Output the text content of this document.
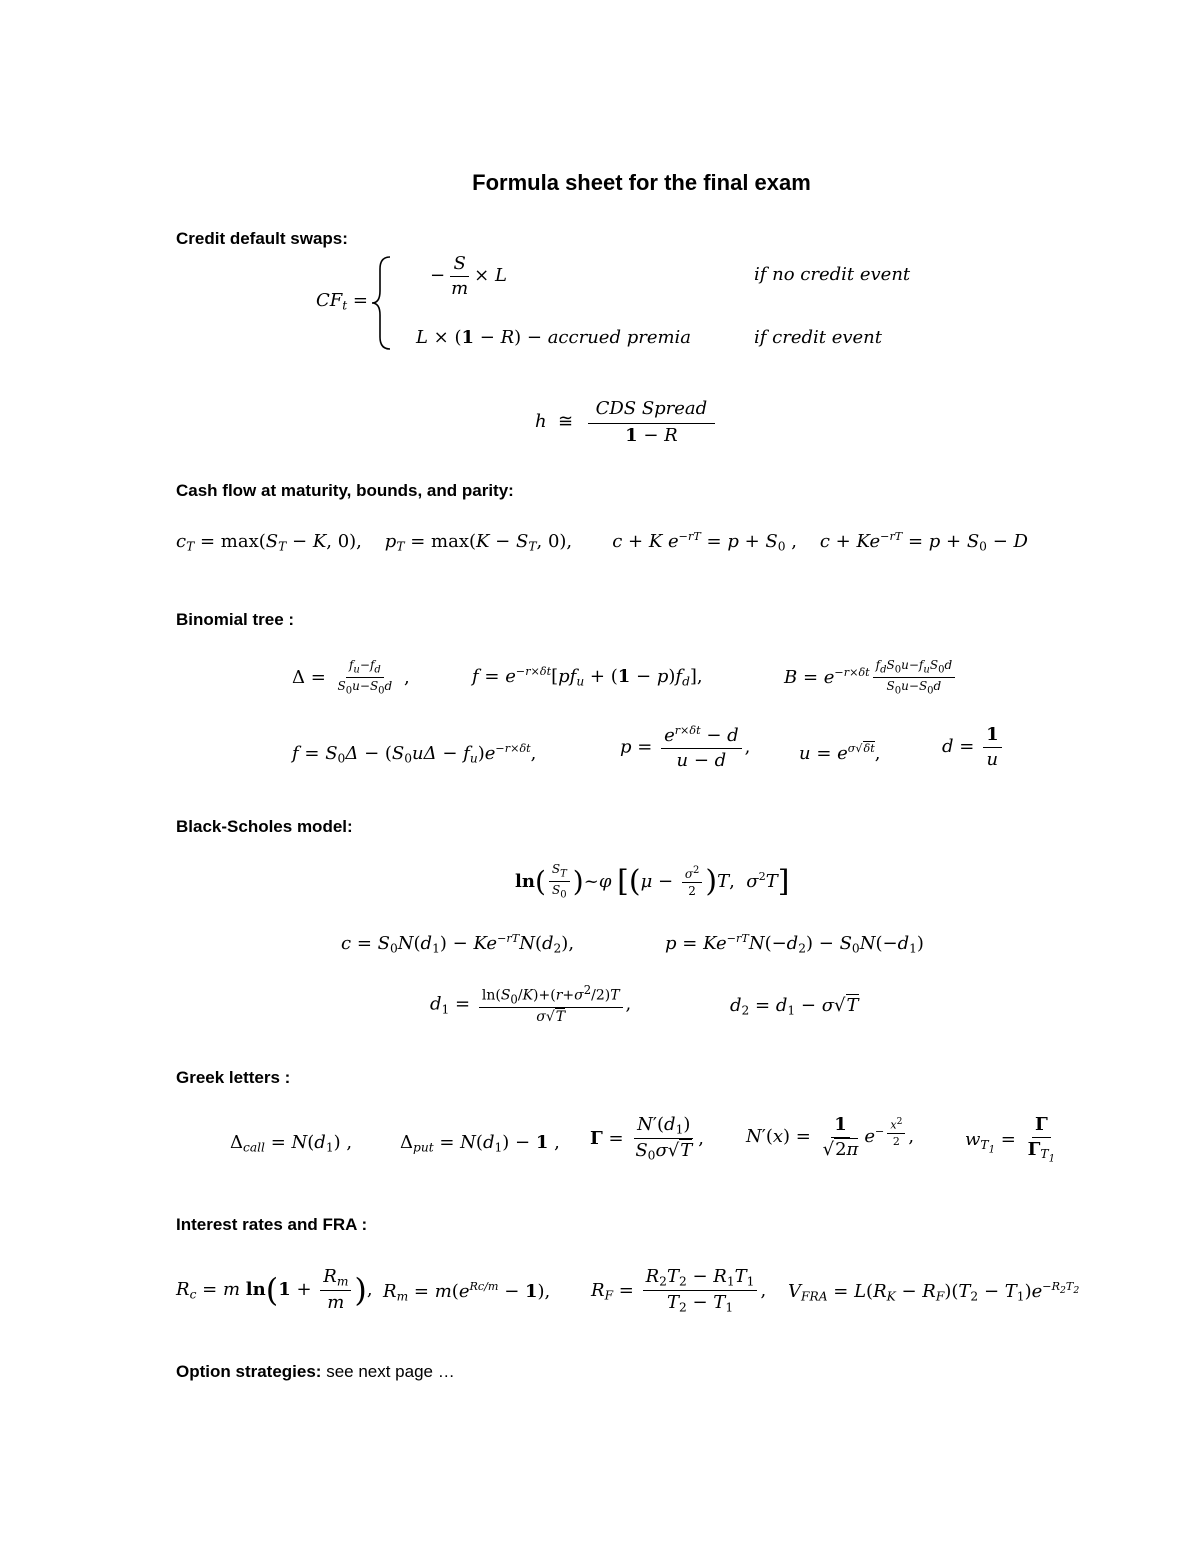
Formula sheet for the final exam
Credit default swaps:
$CF_t$ =
− $\frac{S}{m} \times L$	if no credit event
L × (1 − R) − accrued premia	if credit event
h  ≅ $\frac{\text{CDS Spread}}{1 - R}$
Cash flow at maturity, bounds, and parity:
$c_T = \max(S_T - K$, 0),    $p_T = \max(K - S_T$, 0),       c + K $e^{-rT} = p + S_0$ ,    $c + Ke^{-rT} = p + S_0 - D$
Binomial tree :
$\Delta = \frac{f_u-f_d}{S_0u-S_0d}$ ,	$f = e^{-r\times\delta t}[pf_u + (1 - p)f_d]$,	$B = e^{-r\times\delta t} \frac{f_dS_0u-f_uS_0d}{S_0u-S_0d}$
$f = S_0\Delta - (S_0u\Delta - f_u)e^{-r\times\delta t}$,	$p = \frac{e^{r\times\delta t} - d}{u - d}$ ,	$u = e^{\sigma√\delta t}$,	$d = \frac{1}{u}$
Black-Scholes model:
$\ln( \frac{S_T}{S_0}$ )~φ [$(\mu - \frac{\sigma^2}{2} )T$,  $\sigma^2T$]
$c = S_0N(d_1) - Ke^{-rT}N(d_2)$,	$p = Ke^{-rT}N(-d_2) - S_0N(-d_1)$
$d_1 = \frac{\ln(S_0/K)+(r+\sigma^2/2)T}{\sigma√T}$ ,	$d_2 = d_1 - \sigma√T$
Greek letters :
$\Delta_{call} = N(d_1)$ ,	$\Delta_{put} = N(d_1) - 1$ , $\Gamma = \frac{N'(d_1)}{S_0\sigma√T}$ , $N'(x) = \frac{1}{√2\pi} e^{- \frac{x^2}{2}}$ ,	$w_{T_1} = \frac{\Gamma}{\Gamma_{T_1}}$
Interest rates and FRA :
$R_c = m$ $\ln(1 + \frac{R_m}{m}$ ), $R_m = m(e^{Rc/m} - 1)$, $R_F = \frac{R_2T_2 - R_1T_1}{T_2 - T_1}$ , $V_{FRA} = L(R_K - R_F)(T_2 - T_1)e^{-R_2T_2}$
Option strategies: see next page …
